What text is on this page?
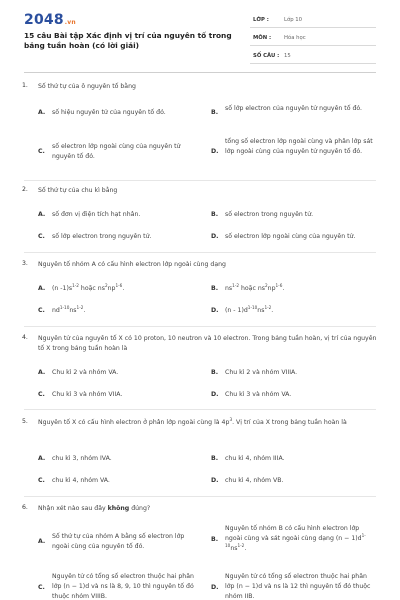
2048.vn
15 câu Bài tập Xác định vị trí của nguyên tố trong bảng tuần hoàn (có lời giải)
LỚP :	Lớp 10
MÔN : Hóa học
SỐ CÂU : 15
1. Số thứ tự của ô nguyên tố bằng
A. số hiệu nguyên tử của nguyên tố đó.	B.
số lớp electron của nguyên tử nguyên tố đó.
C.
số electron lớp ngoài cùng của nguyên tử nguyên tố đó.
D.
tổng số electron lớp ngoài cùng và phân lớp sát lớp ngoài cùng của nguyên tử nguyên tố đó.
2. Số thứ tự của chu kì bằng
A. số đơn vị điện tích hạt nhân.	B. số electron trong nguyên tử.
C. số lớp electron trong nguyên tử.	D. số electron lớp ngoài cùng của nguyên tử.
3. Nguyên tố nhóm A có cấu hình electron lớp ngoài cùng dạng
A. (n $-1)s^{1-2}$ hoặc $ns^2np^{1-6}$.	B. $ns^{1-2}$ hoặc $ns^2np^{1-6}$.
C. $nd^{1-10}ns^{1-2}$.	D. $(n - 1)d^{1-10}ns^{1-2}$.
4. Nguyên tử của nguyên tố X có 10 proton, 10 neutron và 10 electron. Trong bảng tuần hoàn, vị trí của nguyên tố X trong bảng tuần hoàn là
A. Chu kì 2 và nhóm VA.	B. Chu kì 2 và nhóm VIIIA.
C. Chu kì 3 và nhóm VIIA.	D. Chu kì 3 và nhóm VA.
5. Nguyên tố X có cấu hình electron ở phân lớp ngoài cùng là $4p^3$. Vị trí của X trong bảng tuần hoàn là
A. chu kì 3, nhóm IVA.	B. chu kì 4, nhóm IIIA.
C. chu kì 4, nhóm VA.	D. chu kì 4, nhóm VB.
6. Nhận xét nào sau đây không đúng?
A.
Số thứ tự của nhóm A bằng số electron lớp ngoài cùng của nguyên tố đó.
B.
Nguyên tố nhóm B có cấu hình electron lớp ngoài cùng và sát ngoài cùng dạng $(n - 1)d^{1-10}ns^{1-2}$.
C.
Nguyên tử có tổng số electron thuộc hai phân lớp (n − 1)d và ns là 8, 9, 10 thì nguyên tố đó thuộc nhóm VIIIB.
D.
Nguyên tử có tổng số electron thuộc hai phân lớp (n − 1)d và ns là 12 thì nguyên tố đó thuộc nhóm IIB.
